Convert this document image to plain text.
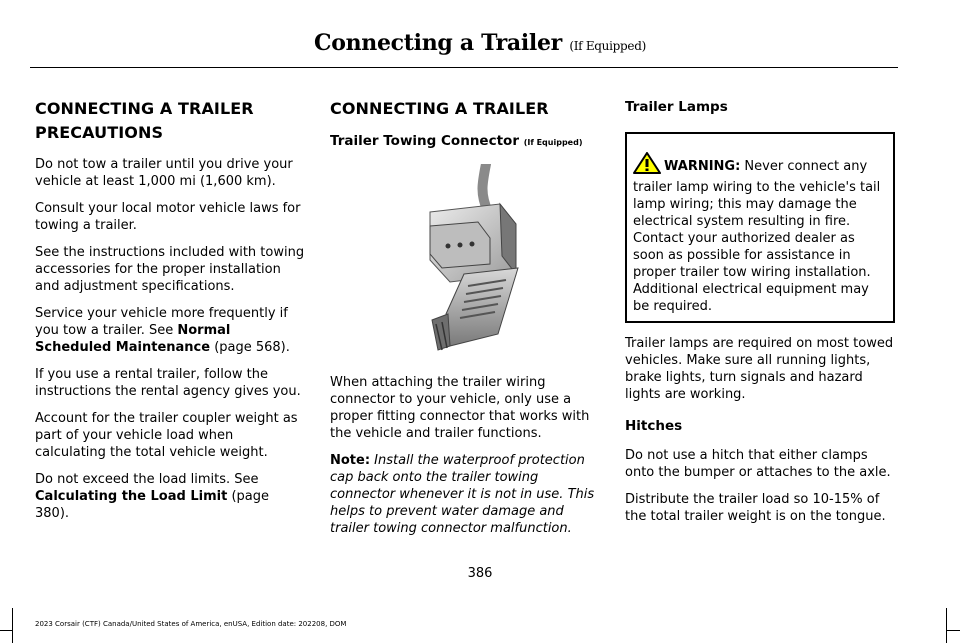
Connecting a Trailer (If Equipped)
CONNECTING A TRAILER
PRECAUTIONS

Do not tow a trailer until you drive your vehicle at least 1,000 mi (1,600 km).

Consult your local motor vehicle laws for towing a trailer.

See the instructions included with towing accessories for the proper installation and adjustment specifications.

Service your vehicle more frequently if you tow a trailer. See Normal Scheduled Maintenance (page 568).

If you use a rental trailer, follow the instructions the rental agency gives you.

Account for the trailer coupler weight as part of your vehicle load when calculating the total vehicle weight.

Do not exceed the load limits. See Calculating the Load Limit (page 380).

CONNECTING A TRAILER
Trailer Towing Connector (If Equipped)

When attaching the trailer wiring connector to your vehicle, only use a proper fitting connector that works with the vehicle and trailer functions.

Note: Install the waterproof protection cap back onto the trailer towing connector whenever it is not in use. This helps to prevent water damage and trailer towing connector malfunction.

Trailer Lamps
WARNING: Never connect any trailer lamp wiring to the vehicle's tail lamp wiring; this may damage the electrical system resulting in fire. Contact your authorized dealer as soon as possible for assistance in proper trailer tow wiring installation. Additional electrical equipment may be required.

Trailer lamps are required on most towed vehicles. Make sure all running lights, brake lights, turn signals and hazard lights are working.

Hitches

Do not use a hitch that either clamps onto the bumper or attaches to the axle.

Distribute the trailer load so 10-15% of the total trailer weight is on the tongue.

386
2023 Corsair (CTF) Canada/United States of America, enUSA, Edition date: 202208, DOM
